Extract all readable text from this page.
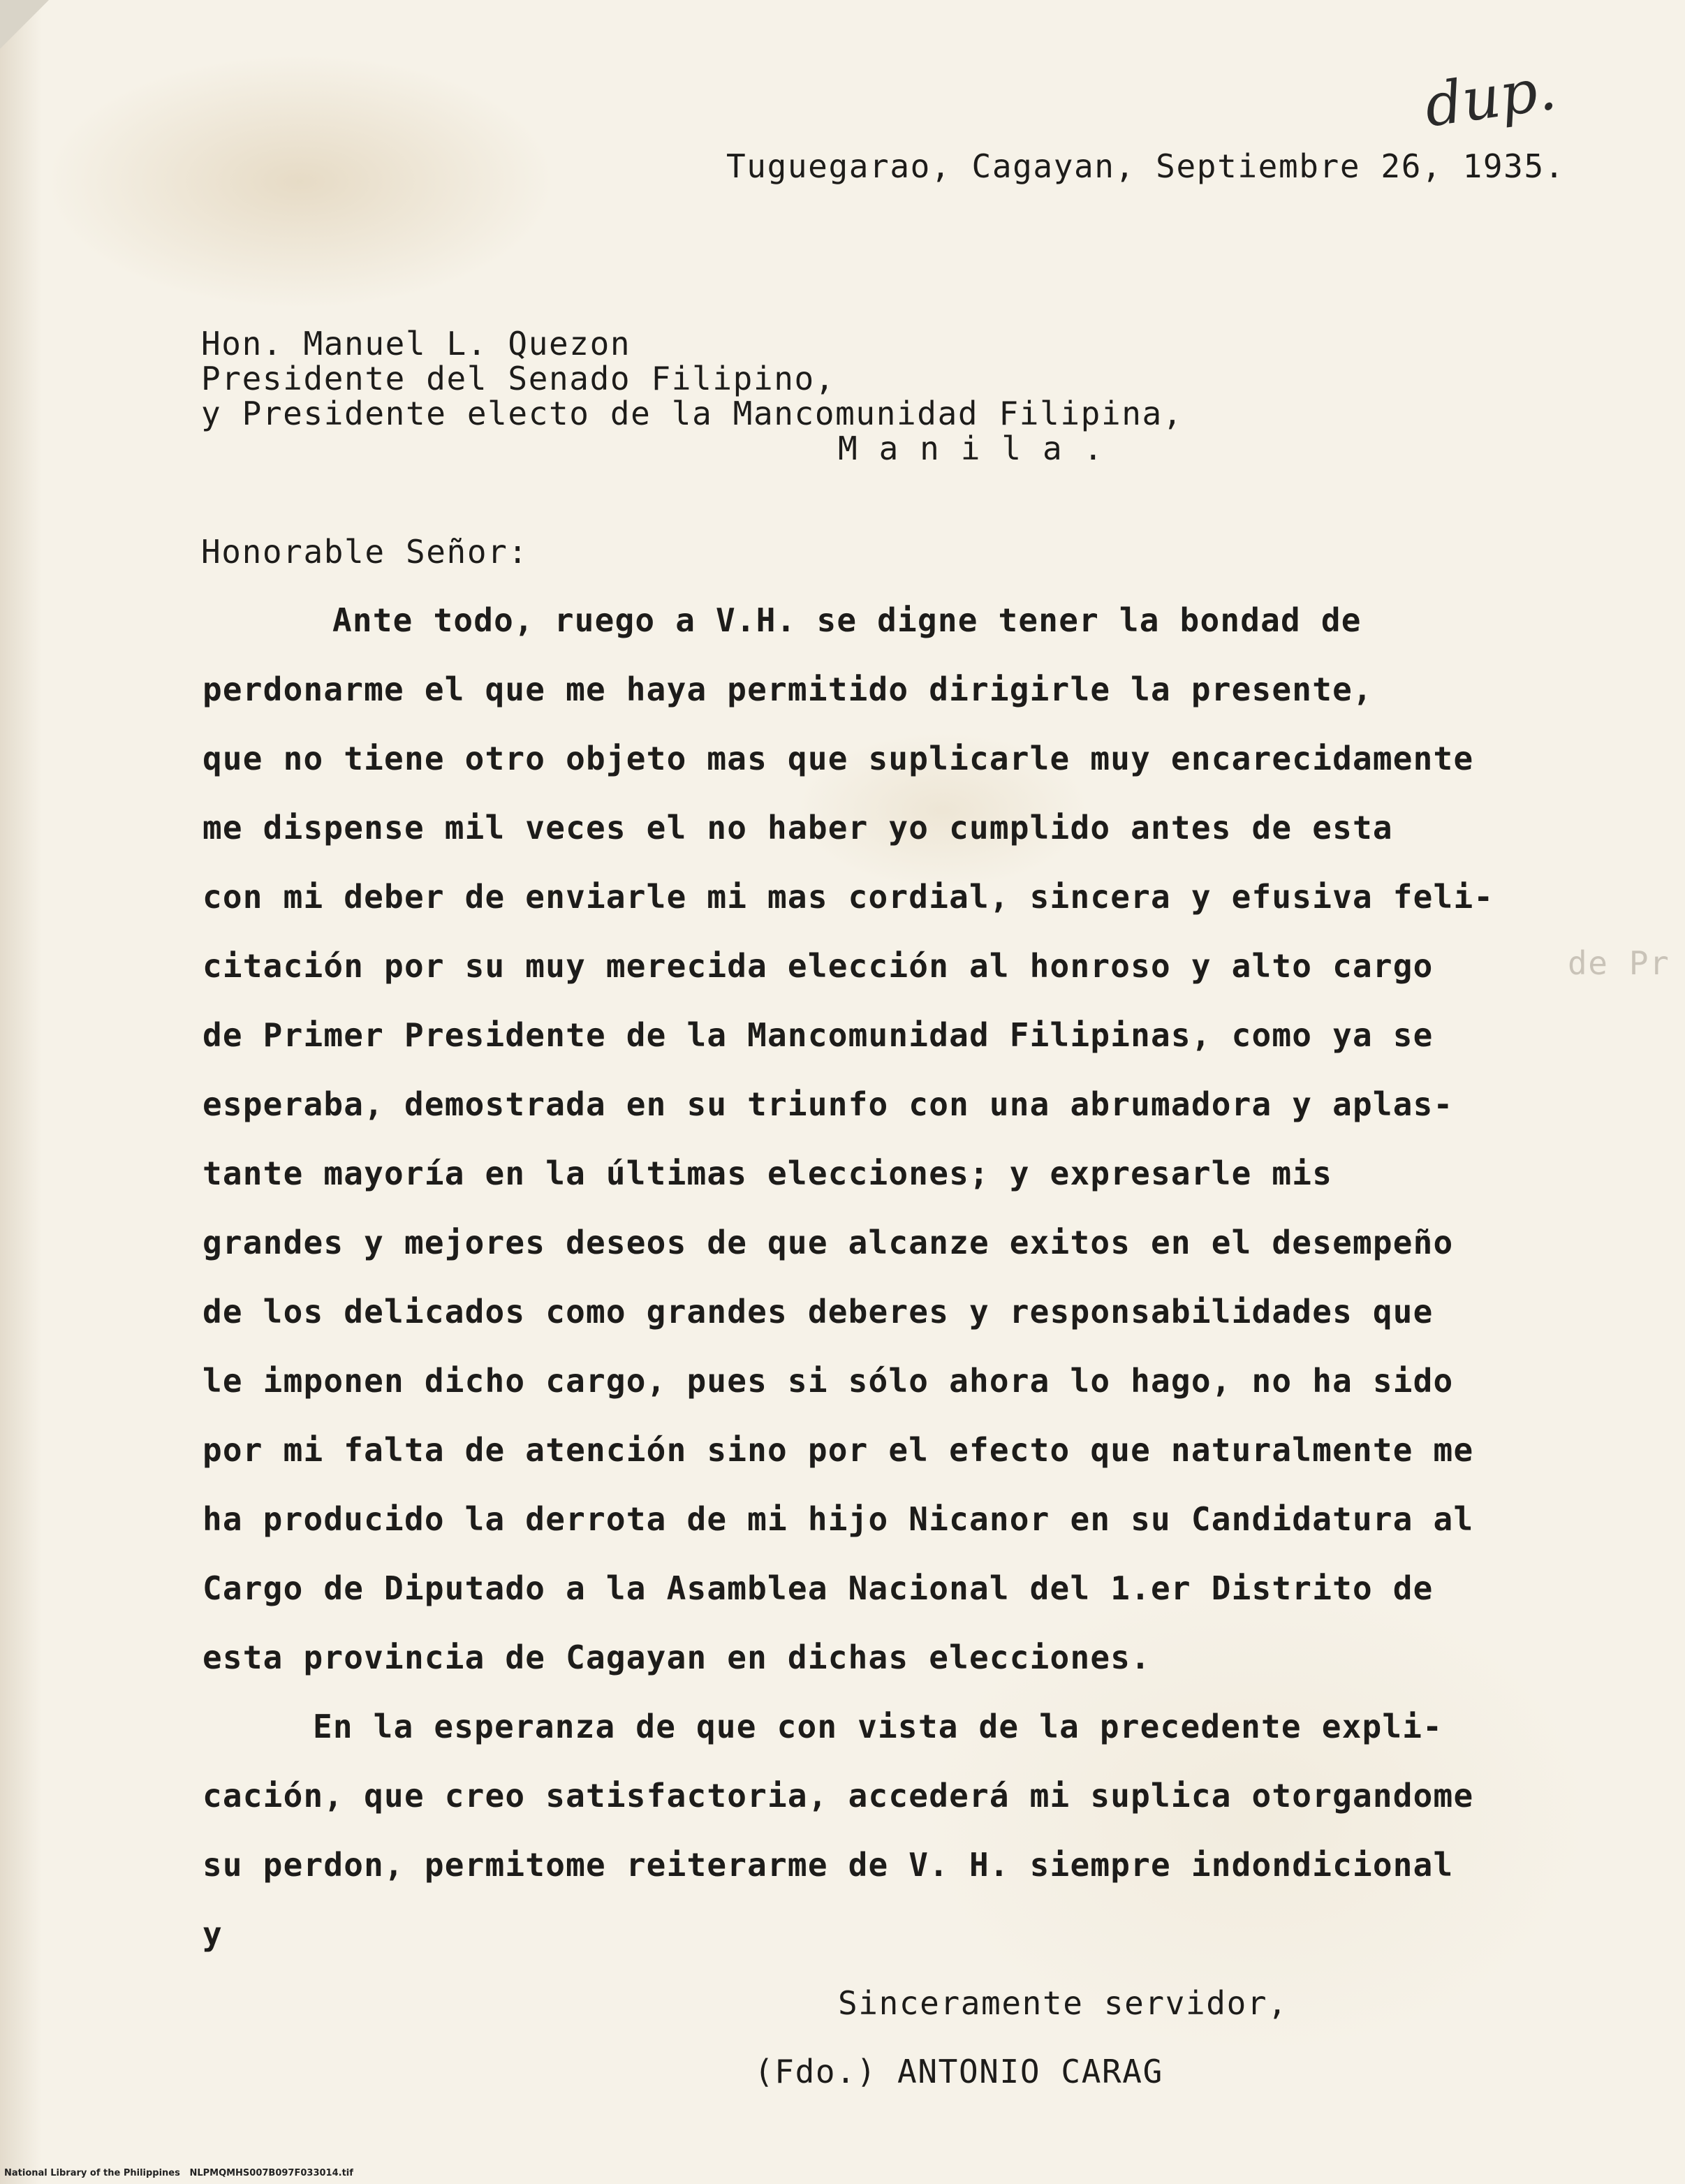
dup.
Tuguegarao, Cagayan, Septiembre 26, 1935.
Hon. Manuel L. Quezon
Presidente del Senado Filipino,
y Presidente electo de la Mancomunidad Filipina,
M a n i l a .
Honorable Señor:
Ante todo, ruego a V.H. se digne tener la bondad de
perdonarme el que me haya permitido dirigirle la presente,
que no tiene otro objeto mas que suplicarle muy encarecidamente
me dispense mil veces el no haber yo cumplido antes de esta
con mi deber de enviarle mi mas cordial, sincera y efusiva feli-
citación por su muy merecida elección al honroso y alto cargo	de Pr
de Primer Presidente de la Mancomunidad Filipinas, como ya se
esperaba, demostrada en su triunfo con una abrumadora y aplas-
tante mayoría en la últimas elecciones; y expresarle mis
grandes y mejores deseos de que alcanze exitos en el desempeño
de los delicados como grandes deberes y responsabilidades que
le imponen dicho cargo, pues si sólo ahora lo hago, no ha sido
por mi falta de atención sino por el efecto que naturalmente me
ha producido la derrota de mi hijo Nicanor en su Candidatura al
Cargo de Diputado a la Asamblea Nacional del 1.er Distrito de
esta provincia de Cagayan en dichas elecciones.
En la esperanza de que con vista de la precedente expli-
cación, que creo satisfactoria, accederá mi suplica otorgandome
su perdon, permitome reiterarme de V. H. siempre indondicional
y
Sinceramente servidor,
(Fdo.) ANTONIO CARAG
National Library of the Philippines NLPMQMHS007B097F033014.tif
